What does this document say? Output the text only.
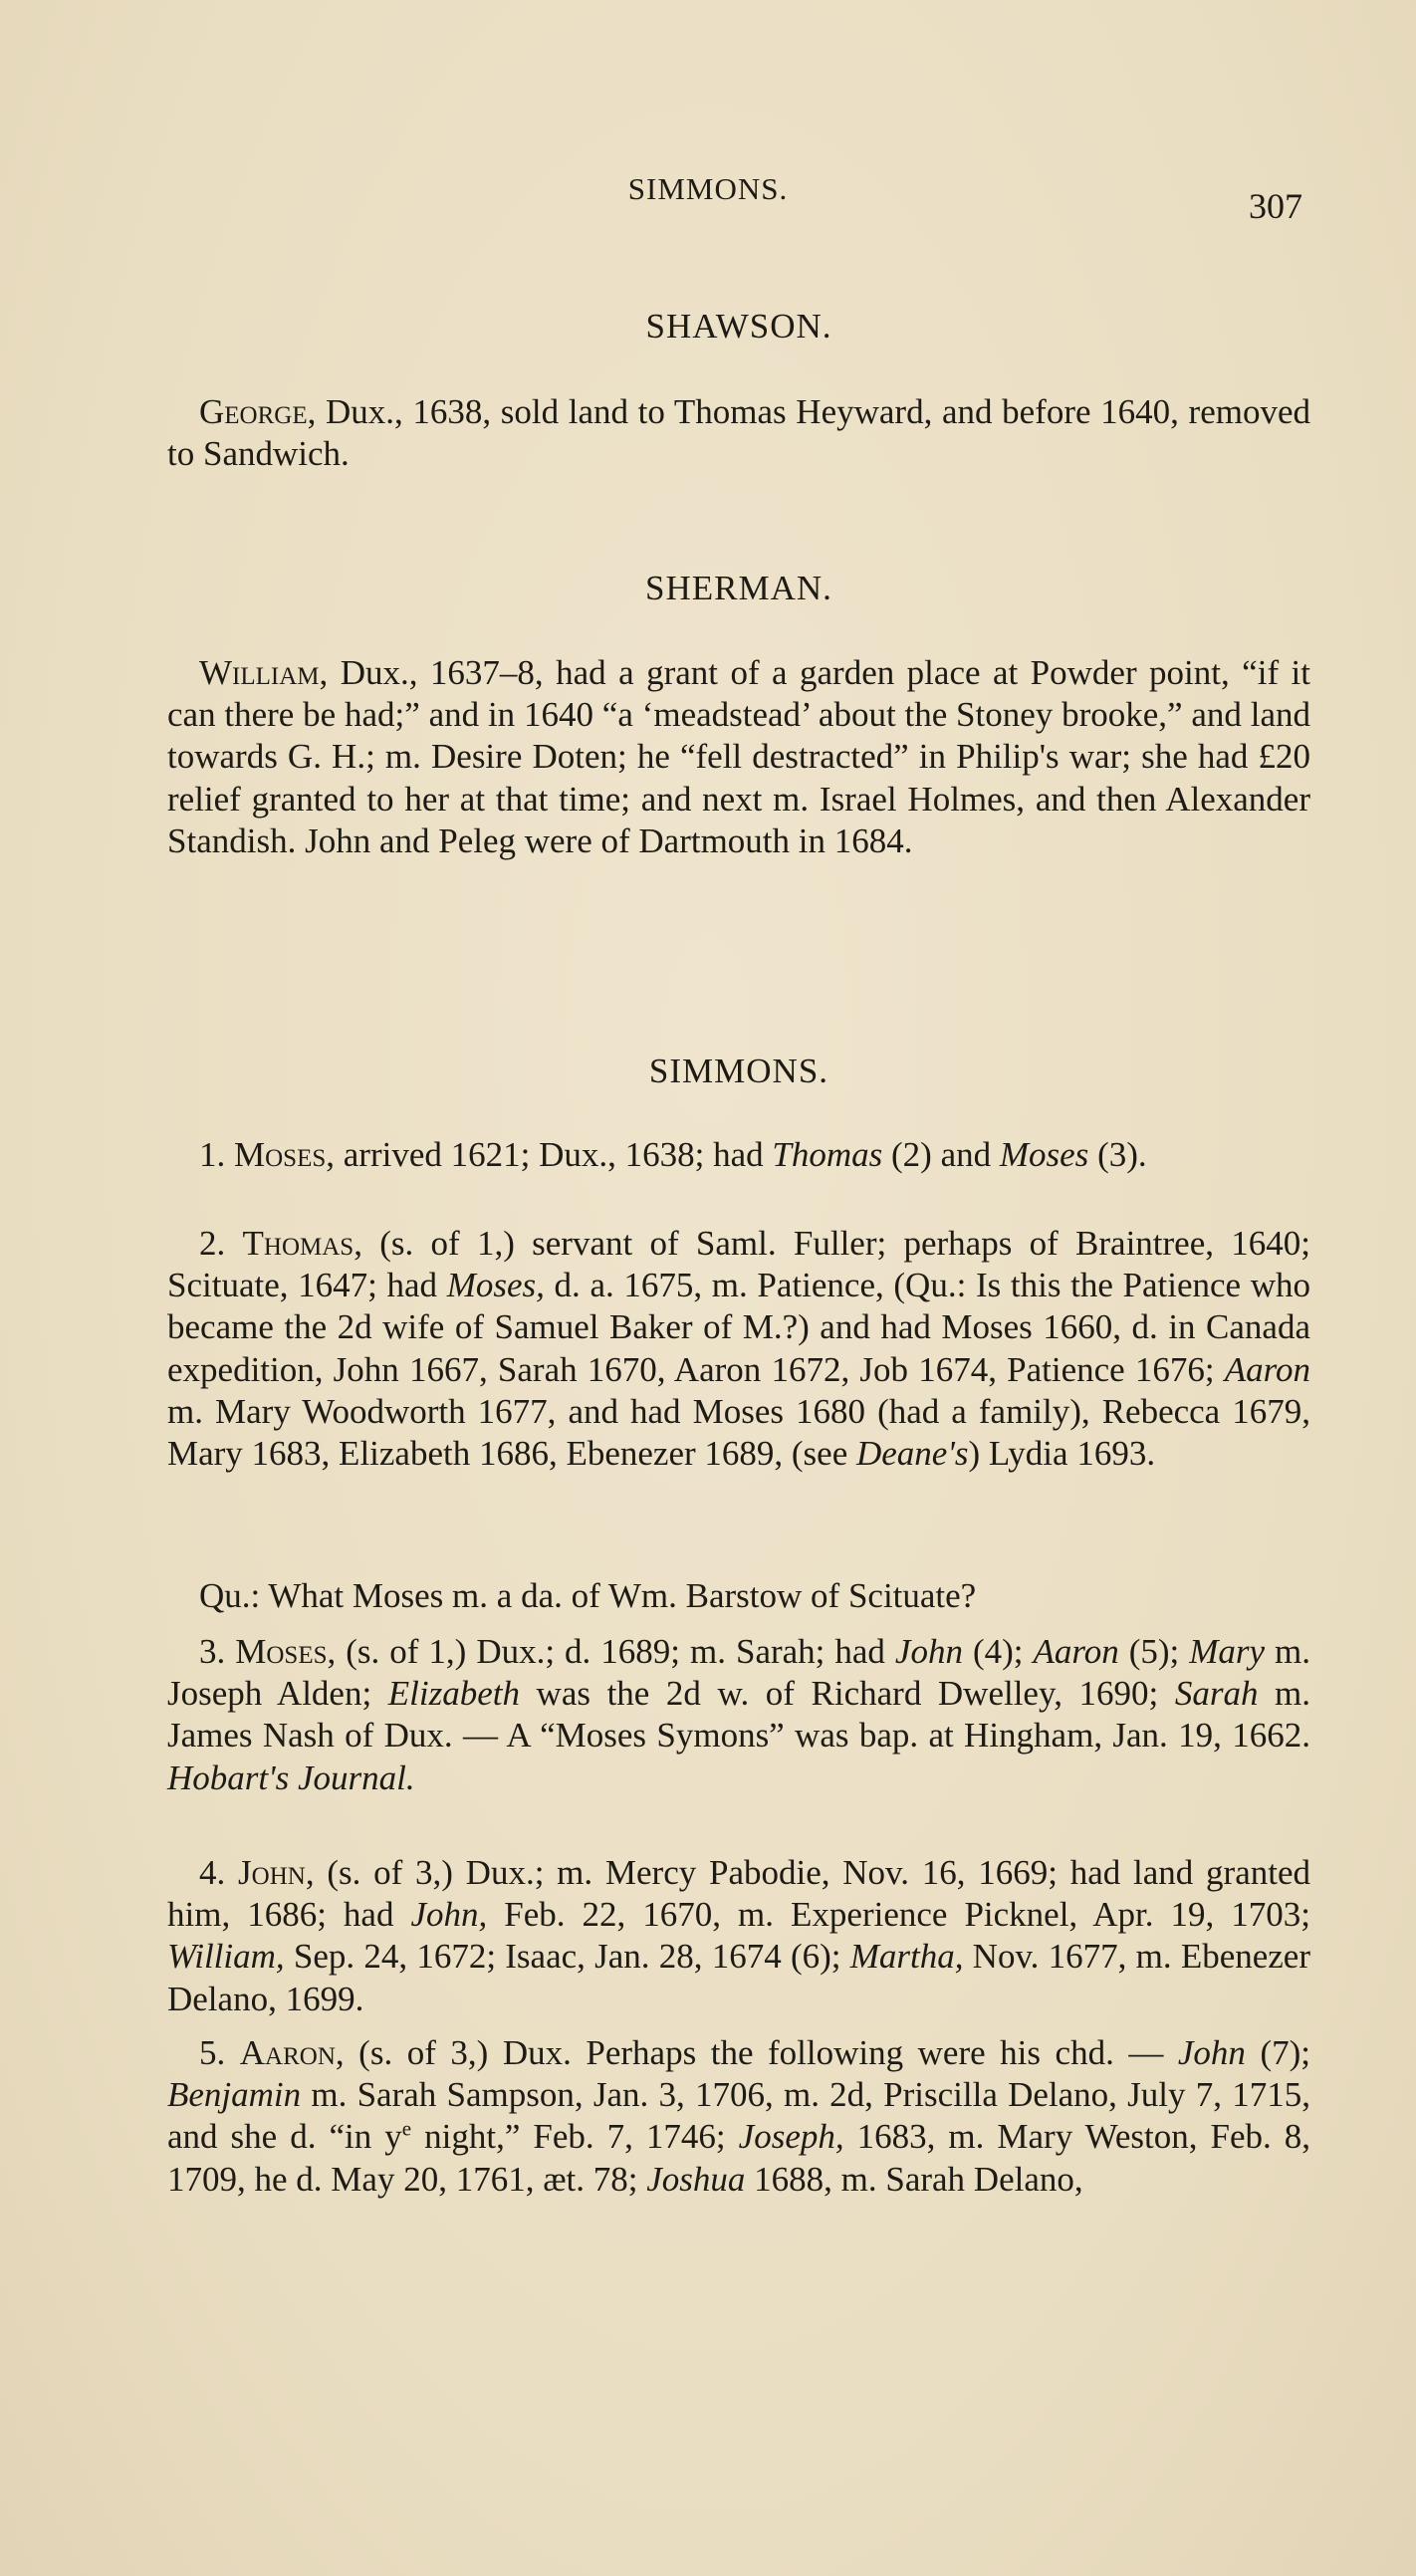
SIMMONS.	307
SHAWSON.

George, Dux., 1638, sold land to Thomas Heyward, and before 1640, removed to Sandwich.

SHERMAN.

William, Dux., 1637–8, had a grant of a garden place at Powder point, “if it can there be had;” and in 1640 “a ‘meadstead’ about the Stoney brooke,” and land towards G. H.; m. Desire Doten; he “fell destracted” in Philip's war; she had £20 relief granted to her at that time; and next m. Israel Holmes, and then Alexander Standish. John and Peleg were of Dartmouth in 1684.

SIMMONS.

1. Moses, arrived 1621; Dux., 1638; had Thomas (2) and Moses (3).

2. Thomas, (s. of 1,) servant of Saml. Fuller; perhaps of Braintree, 1640; Scituate, 1647; had Moses, d. a. 1675, m. Patience, (Qu.: Is this the Patience who became the 2d wife of Samuel Baker of M.?) and had Moses 1660, d. in Canada expedition, John 1667, Sarah 1670, Aaron 1672, Job 1674, Patience 1676; Aaron m. Mary Woodworth 1677, and had Moses 1680 (had a family), Rebecca 1679, Mary 1683, Elizabeth 1686, Ebenezer 1689, (see Deane's) Lydia 1693.

Qu.: What Moses m. a da. of Wm. Barstow of Scituate?

3. Moses, (s. of 1,) Dux.; d. 1689; m. Sarah; had John (4); Aaron (5); Mary m. Joseph Alden; Elizabeth was the 2d w. of Richard Dwelley, 1690; Sarah m. James Nash of Dux. — A “Moses Symons” was bap. at Hingham, Jan. 19, 1662. Hobart's Journal.

4. John, (s. of 3,) Dux.; m. Mercy Pabodie, Nov. 16, 1669; had land granted him, 1686; had John, Feb. 22, 1670, m. Experience Picknel, Apr. 19, 1703; William, Sep. 24, 1672; Isaac, Jan. 28, 1674 (6); Martha, Nov. 1677, m. Ebenezer Delano, 1699.

5. Aaron, (s. of 3,) Dux. Perhaps the following were his chd. — John (7); Benjamin m. Sarah Sampson, Jan. 3, 1706, m. 2d, Priscilla Delano, July 7, 1715, and she d. “in $y^e$ night,” Feb. 7, 1746; Joseph, 1683, m. Mary Weston, Feb. 8, 1709, he d. May 20, 1761, æt. 78; Joshua 1688, m. Sarah Delano,
